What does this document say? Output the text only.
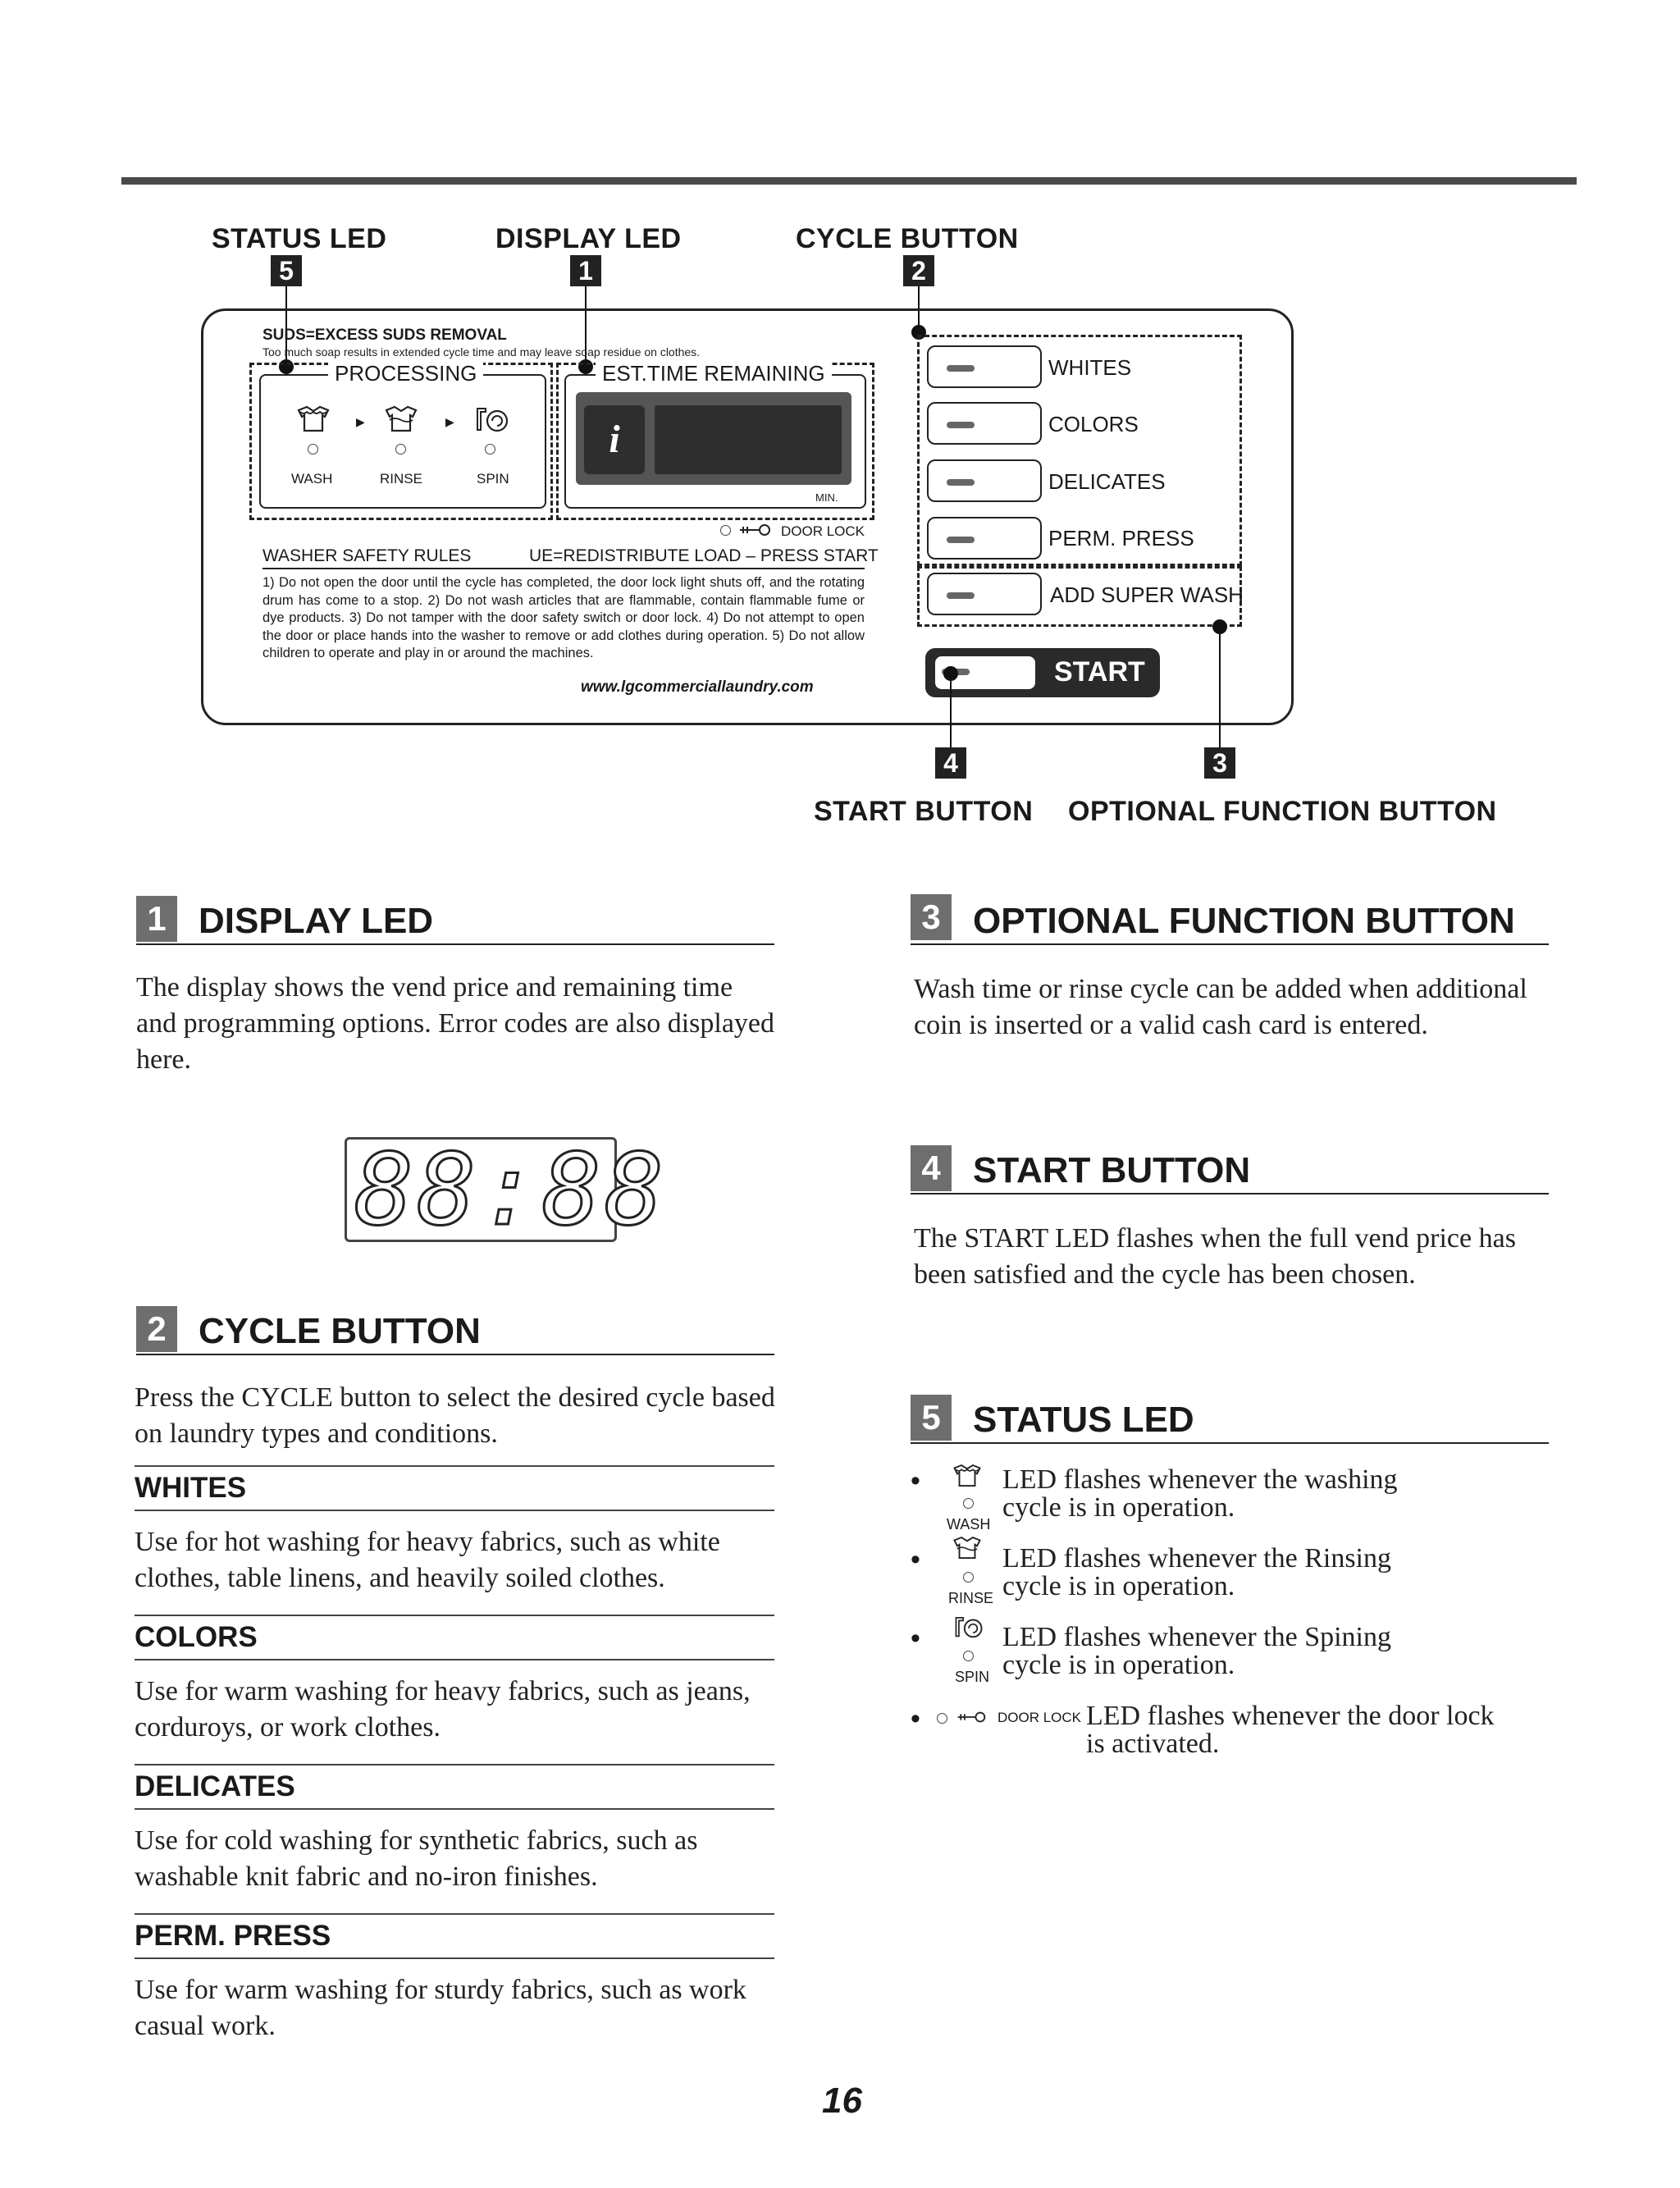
STATUS LED
5
DISPLAY LED
1
CYCLE BUTTON
2
SUDS=EXCESS SUDS REMOVAL
Too much soap results in extended cycle time and may leave soap residue on clothes.
PROCESSING
▶	▶
WASH	RINSE	SPIN
EST.TIME REMAINING
i
MIN.
DOOR LOCK
WASHER SAFETY RULES	UE=REDISTRIBUTE LOAD – PRESS START
1) Do not open the door until the cycle has completed, the door lock light shuts off, and the rotating drum has come to a stop. 2) Do not wash articles that are flammable, contain flammable fume or dye products. 3) Do not tamper with the door safety switch or door lock. 4) Do not attempt to open the door or place hands into the washer to remove or add clothes during operation. 5) Do not allow children to operate and play in or around the machines.
www.lgcommerciallaundry.com
WHITES
COLORS
DELICATES
PERM. PRESS
ADD SUPER WASH
START
4
START BUTTON
3
OPTIONAL FUNCTION BUTTON
1 DISPLAY LED
The display shows the vend price and remaining time and programming options. Error codes are also displayed here.
88:88
2 CYCLE BUTTON
Press the CYCLE button to select the desired cycle based on laundry types and conditions.
WHITES
Use for hot washing for heavy fabrics, such as white clothes, table linens, and heavily soiled clothes.
COLORS
Use for warm washing for heavy fabrics, such as jeans, corduroys, or work clothes.
DELICATES
Use for cold washing for synthetic fabrics, such as washable knit fabric and no-iron finishes.
PERM. PRESS
Use for warm washing for sturdy fabrics, such as work casual work.
3 OPTIONAL FUNCTION BUTTON
Wash time or rinse cycle can be added when additional coin is inserted or a valid cash card is entered.
4 START BUTTON
The START LED flashes when the full vend price has been satisfied and the cycle has been chosen.
5 STATUS LED
•
WASH
LED flashes whenever the washing
cycle is in operation.
•
RINSE
LED flashes whenever the Rinsing
cycle is in operation.
•
SPIN
LED flashes whenever the Spining
cycle is in operation.
•	DOOR LOCK LED flashes whenever the door lock
is activated.
16
